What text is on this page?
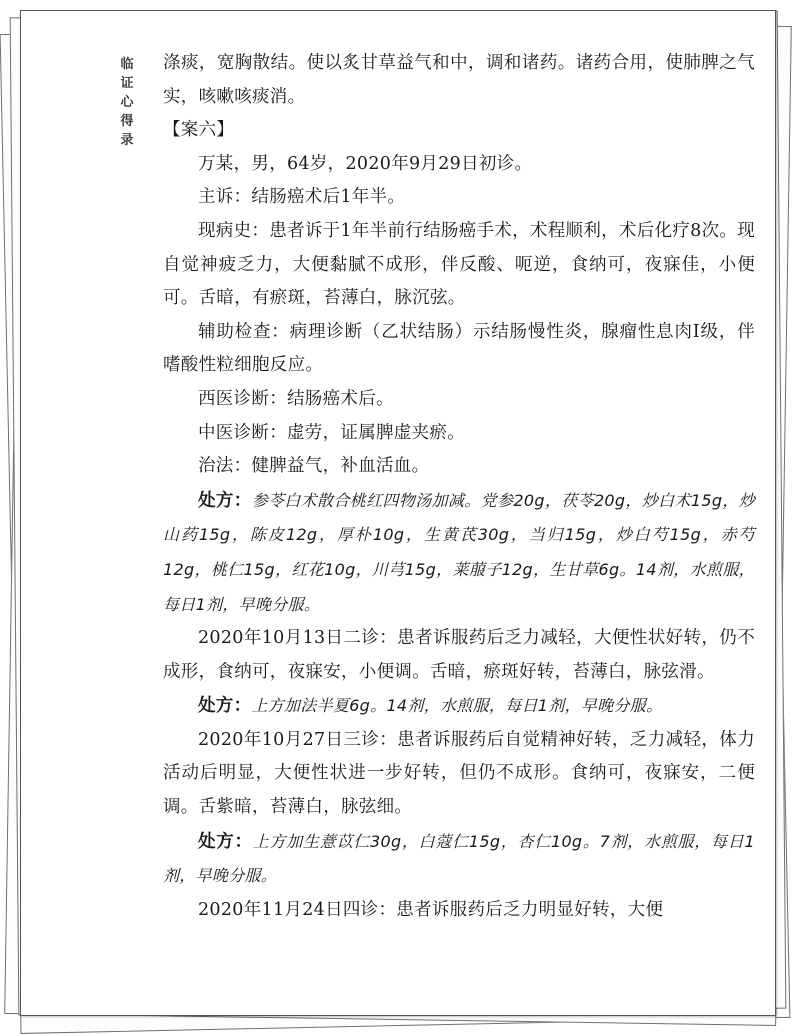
临
证
心
得
录

涤痰，宽胸散结。使以炙甘草益气和中，调和诸药。诸药合用，使肺脾之气实，咳嗽咳痰消。

【案六】

万某，男，64岁，2020年9月29日初诊。

主诉：结肠癌术后1年半。

现病史：患者诉于1年半前行结肠癌手术，术程顺利，术后化疗8次。现自觉神疲乏力，大便黏腻不成形，伴反酸、呃逆，食纳可，夜寐佳，小便可。舌暗，有瘀斑，苔薄白，脉沉弦。

辅助检查：病理诊断（乙状结肠）示结肠慢性炎，腺瘤性息肉Ⅰ级，伴嗜酸性粒细胞反应。

西医诊断：结肠癌术后。

中医诊断：虚劳，证属脾虚夹瘀。

治法：健脾益气，补血活血。

处方：参苓白术散合桃红四物汤加减。党参20g，茯苓20g，炒白术15g，炒山药15g，陈皮12g，厚朴10g，生黄芪30g，当归15g，炒白芍15g，赤芍12g，桃仁15g，红花10g，川芎15g，莱菔子12g，生甘草6g。14剂，水煎服，每日1剂，早晚分服。

2020年10月13日二诊：患者诉服药后乏力减轻，大便性状好转，仍不成形，食纳可，夜寐安，小便调。舌暗，瘀斑好转，苔薄白，脉弦滑。

处方：上方加法半夏6g。14剂，水煎服，每日1剂，早晚分服。

2020年10月27日三诊：患者诉服药后自觉精神好转，乏力减轻，体力活动后明显，大便性状进一步好转，但仍不成形。食纳可，夜寐安，二便调。舌紫暗，苔薄白，脉弦细。

处方：上方加生薏苡仁30g，白蔻仁15g，杏仁10g。7剂，水煎服，每日1剂，早晚分服。

2020年11月24日四诊：患者诉服药后乏力明显好转，大便
